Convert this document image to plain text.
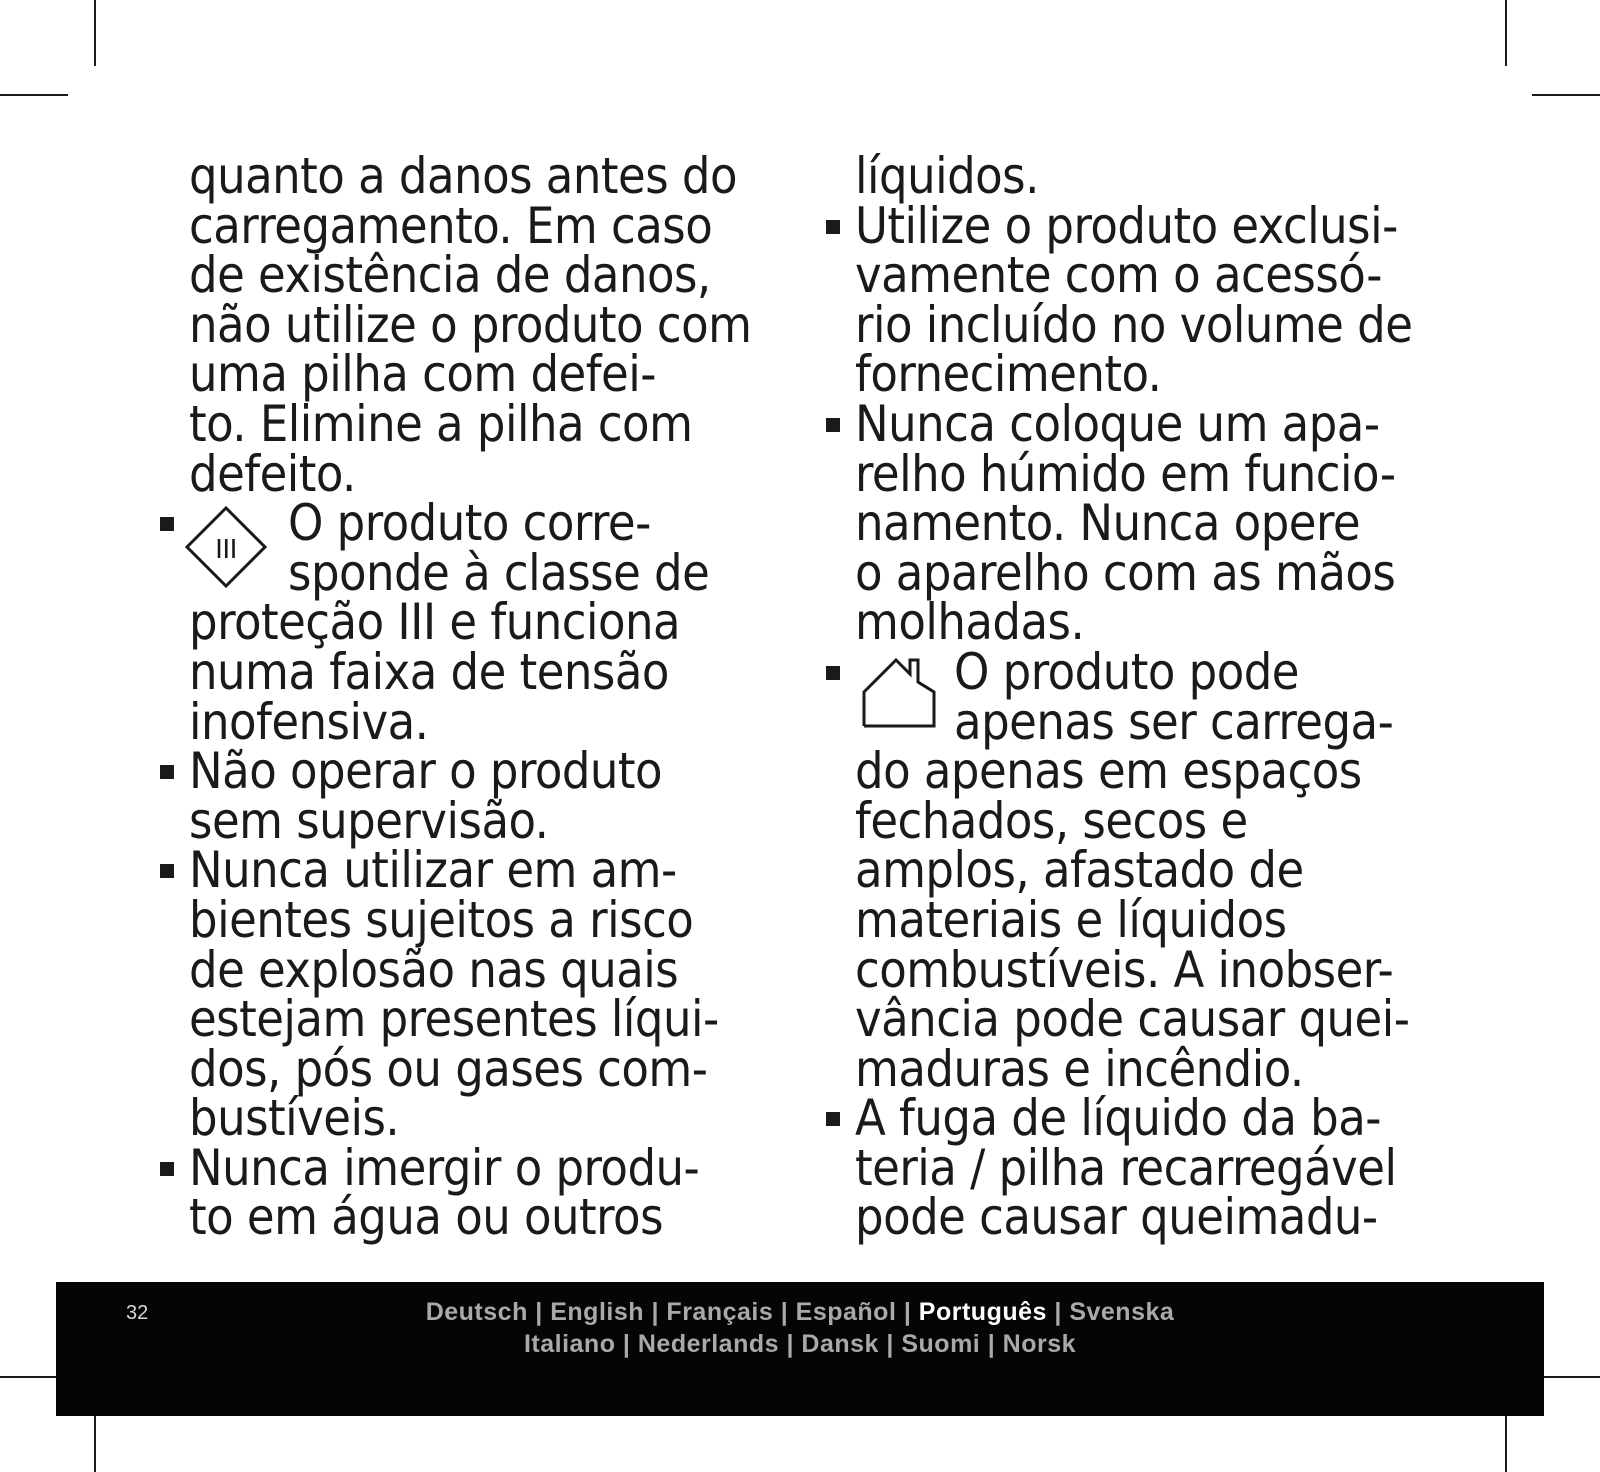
quanto a danos antes do
carregamento. Em caso
de existência de danos,
não utilize o produto com
uma pilha com defei-
to. Elimine a pilha com
defeito.
III O produto corre-
sponde à classe de
proteção III e funciona
numa faixa de tensão
inofensiva.
Não operar o produto
sem supervisão.
Nunca utilizar em am-
bientes sujeitos a risco
de explosão nas quais
estejam presentes líqui-
dos, pós ou gases com-
bustíveis.
Nunca imergir o produ-
to em água ou outros
líquidos.
Utilize o produto exclusi-
vamente com o acessó-
rio incluído no volume de
fornecimento.
Nunca coloque um apa-
relho húmido em funcio-
namento. Nunca opere
o aparelho com as mãos
molhadas.
O produto pode
apenas ser carrega-
do apenas em espaços
fechados, secos e
amplos, afastado de
materiais e líquidos
combustíveis. A inobser-
vância pode causar quei-
maduras e incêndio.
A fuga de líquido da ba-
teria / pilha recarregável
pode causar queimadu-
32	Deutsch | English | Français | Español | Português | Svenska
Italiano | Nederlands | Dansk | Suomi | Norsk
